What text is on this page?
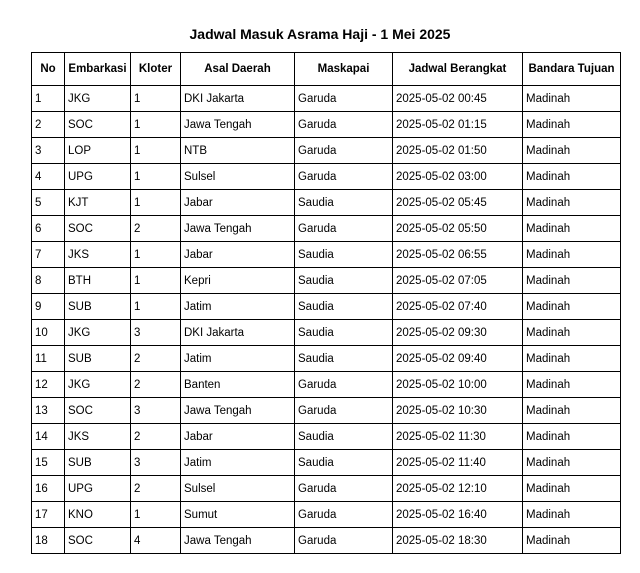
Jadwal Masuk Asrama Haji - 1 Mei 2025
No	Embarkasi	Kloter	Asal Daerah	Maskapai	Jadwal Berangkat	Bandara Tujuan
1	JKG	1	DKI Jakarta	Garuda	2025-05-02 00:45	Madinah
2	SOC	1	Jawa Tengah	Garuda	2025-05-02 01:15	Madinah
3	LOP	1	NTB	Garuda	2025-05-02 01:50	Madinah
4	UPG	1	Sulsel	Garuda	2025-05-02 03:00	Madinah
5	KJT	1	Jabar	Saudia	2025-05-02 05:45	Madinah
6	SOC	2	Jawa Tengah	Garuda	2025-05-02 05:50	Madinah
7	JKS	1	Jabar	Saudia	2025-05-02 06:55	Madinah
8	BTH	1	Kepri	Saudia	2025-05-02 07:05	Madinah
9	SUB	1	Jatim	Saudia	2025-05-02 07:40	Madinah
10	JKG	3	DKI Jakarta	Saudia	2025-05-02 09:30	Madinah
11	SUB	2	Jatim	Saudia	2025-05-02 09:40	Madinah
12	JKG	2	Banten	Garuda	2025-05-02 10:00	Madinah
13	SOC	3	Jawa Tengah	Garuda	2025-05-02 10:30	Madinah
14	JKS	2	Jabar	Saudia	2025-05-02 11:30	Madinah
15	SUB	3	Jatim	Saudia	2025-05-02 11:40	Madinah
16	UPG	2	Sulsel	Garuda	2025-05-02 12:10	Madinah
17	KNO	1	Sumut	Garuda	2025-05-02 16:40	Madinah
18	SOC	4	Jawa Tengah	Garuda	2025-05-02 18:30	Madinah
